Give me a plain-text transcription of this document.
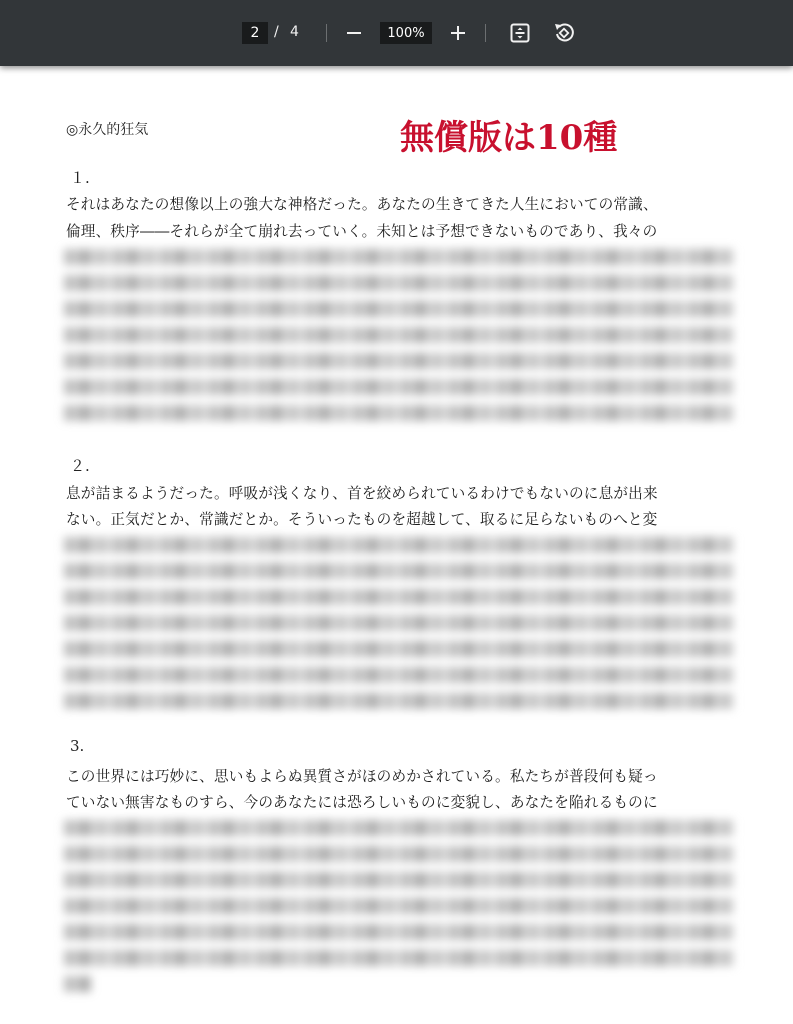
2	/ 4	100%
◎永久的狂気	無償版は10種
１.
それはあなたの想像以上の強大な神格だった。あなたの生きてきた人生においての常識、
倫理、秩序――それらが全て崩れ去っていく。未知とは予想できないものであり、我々の
２.
息が詰まるようだった。呼吸が浅くなり、首を絞められているわけでもないのに息が出来
ない。正気だとか、常識だとか。そういったものを超越して、取るに足らないものへと変
3.
この世界には巧妙に、思いもよらぬ異質さがほのめかされている。私たちが普段何も疑っ
ていない無害なものすら、今のあなたには恐ろしいものに変貌し、あなたを陥れるものに
